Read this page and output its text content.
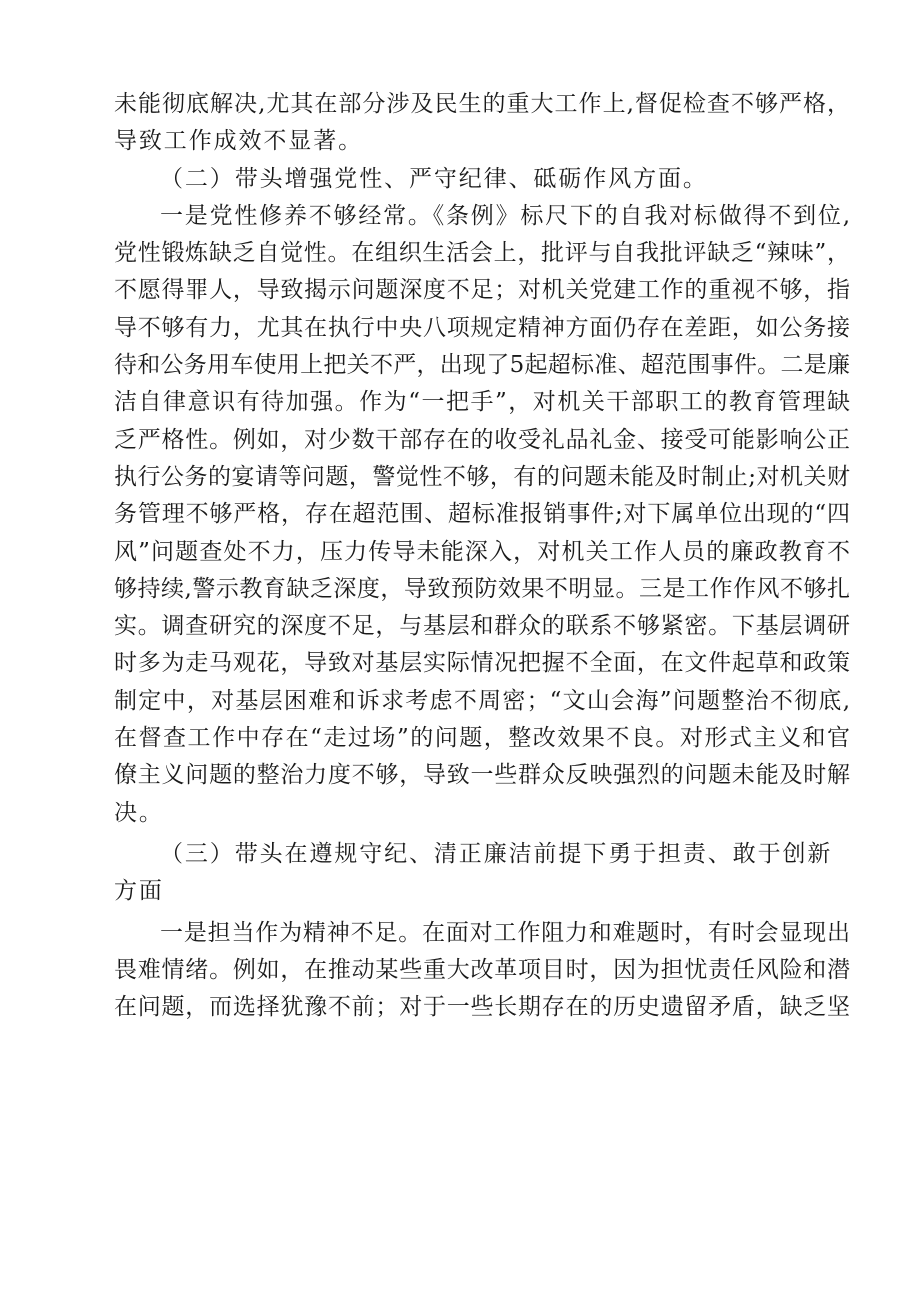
未能彻底解决,尤其在部分涉及民生的重大工作上,督促检查不够严格，
导致工作成效不显著。
（二）带头增强党性、严守纪律、砥砺作风方面。
一是党性修养不够经常。《条例》标尺下的自我对标做得不到位,
党性锻炼缺乏自觉性。在组织生活会上，批评与自我批评缺乏“辣味”，
不愿得罪人，导致揭示问题深度不足；对机关党建工作的重视不够，指
导不够有力，尤其在执行中央八项规定精神方面仍存在差距，如公务接
待和公务用车使用上把关不严，出现了5起超标准、超范围事件。二是廉
洁自律意识有待加强。作为“一把手”，对机关干部职工的教育管理缺
乏严格性。例如，对少数干部存在的收受礼品礼金、接受可能影响公正
执行公务的宴请等问题，警觉性不够，有的问题未能及时制止;对机关财
务管理不够严格，存在超范围、超标准报销事件;对下属单位出现的“四
风”问题查处不力，压力传导未能深入，对机关工作人员的廉政教育不
够持续,警示教育缺乏深度，导致预防效果不明显。三是工作作风不够扎
实。调查研究的深度不足，与基层和群众的联系不够紧密。下基层调研
时多为走马观花，导致对基层实际情况把握不全面，在文件起草和政策
制定中，对基层困难和诉求考虑不周密；“文山会海”问题整治不彻底,
在督查工作中存在“走过场”的问题，整改效果不良。对形式主义和官
僚主义问题的整治力度不够，导致一些群众反映强烈的问题未能及时解
决。
（三）带头在遵规守纪、清正廉洁前提下勇于担责、敢于创新
方面
一是担当作为精神不足。在面对工作阻力和难题时，有时会显现出
畏难情绪。例如，在推动某些重大改革项目时，因为担忧责任风险和潜
在问题，而选择犹豫不前；对于一些长期存在的历史遗留矛盾，缺乏坚
